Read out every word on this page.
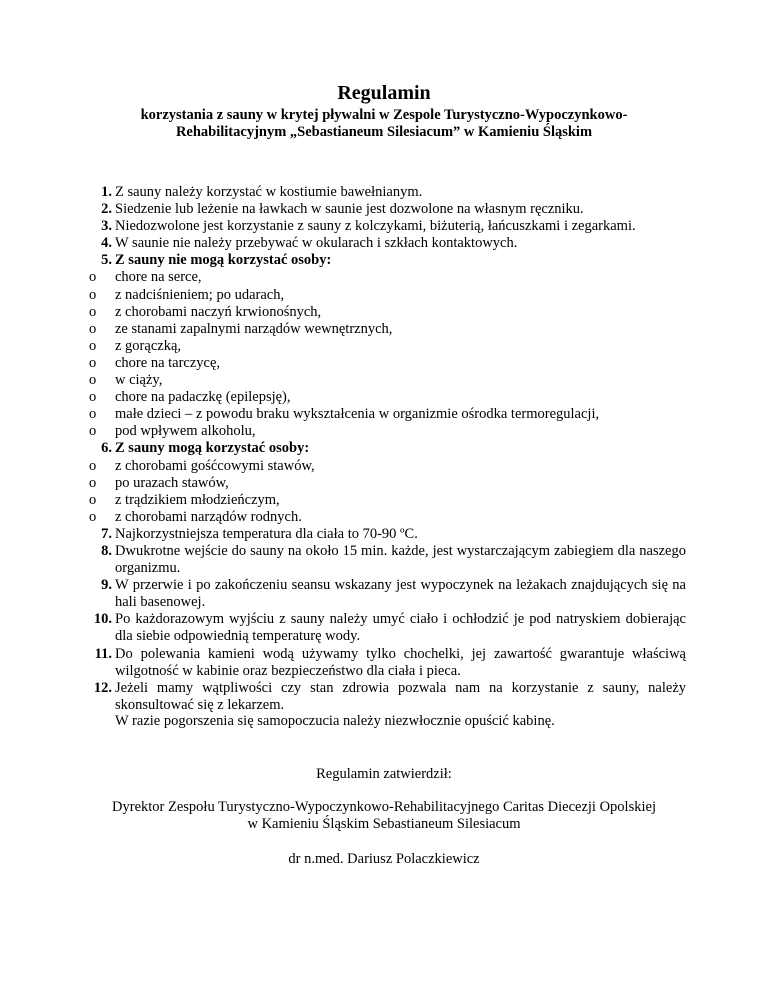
Regulamin
korzystania z sauny w krytej pływalni w Zespole Turystyczno-Wypoczynkowo-
Rehabilitacyjnym „Sebastianeum Silesiacum” w Kamieniu Śląskim
1. Z sauny należy korzystać w kostiumie bawełnianym.
2. Siedzenie lub leżenie na ławkach w saunie jest dozwolone na własnym ręczniku.
3. Niedozwolone jest korzystanie z sauny z kolczykami, biżuterią, łańcuszkami i zegarkami.
4. W saunie nie należy przebywać w okularach i szkłach kontaktowych.
5. Z sauny nie mogą korzystać osoby:
o	chore na serce,
o	z nadciśnieniem; po udarach,
o	z chorobami naczyń krwionośnych,
o	ze stanami zapalnymi narządów wewnętrznych,
o	z gorączką,
o	chore na tarczycę,
o	w ciąży,
o	chore na padaczkę (epilepsję),
o	małe dzieci – z powodu braku wykształcenia w organizmie ośrodka termoregulacji,
o	pod wpływem alkoholu,
6. Z sauny mogą korzystać osoby:
o	z chorobami gośćcowymi stawów,
o	po urazach stawów,
o	z trądzikiem młodzieńczym,
o	z chorobami narządów rodnych.
7. Najkorzystniejsza temperatura dla ciała to 70-90 ºC.
8. Dwukrotne wejście do sauny na około 15 min. każde, jest wystarczającym zabiegiem dla naszego organizmu.
9. W przerwie i po zakończeniu seansu wskazany jest wypoczynek na leżakach znajdujących się na hali basenowej.
10. Po każdorazowym wyjściu z sauny należy umyć ciało i ochłodzić je pod natryskiem dobierając dla siebie odpowiednią temperaturę wody.
11. Do polewania kamieni wodą używamy tylko chochelki, jej zawartość gwarantuje właściwą wilgotność w kabinie oraz bezpieczeństwo dla ciała i pieca.
12. Jeżeli mamy wątpliwości czy stan zdrowia pozwala nam na korzystanie z sauny, należy skonsultować się z lekarzem.
W razie pogorszenia się samopoczucia należy niezwłocznie opuścić kabinę.
Regulamin zatwierdził:
Dyrektor Zespołu Turystyczno-Wypoczynkowo-Rehabilitacyjnego Caritas Diecezji Opolskiej
w Kamieniu Śląskim Sebastianeum Silesiacum
dr n.med. Dariusz Polaczkiewicz
